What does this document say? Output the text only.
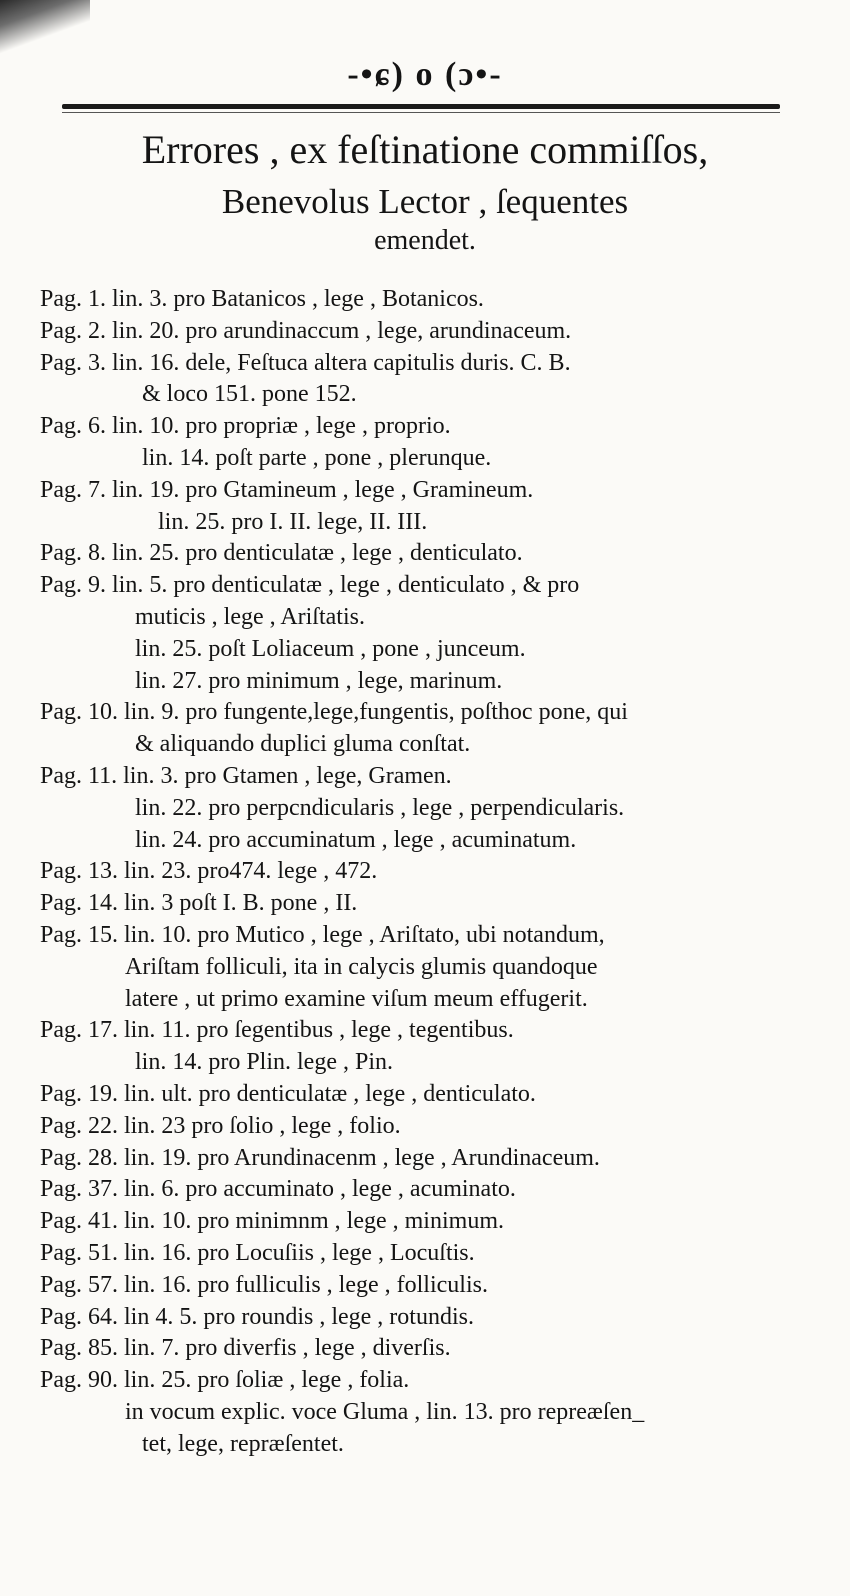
-•ɕ) o (ɔ•-
Errores , ex feſtinatione commiſſos,
Benevolus Lector , ſequentes
emendet.
Pag. 1. lin. 3. pro Batanicos , lege , Botanicos.
Pag. 2. lin. 20. pro arundinaccum , lege, arundinaceum.
Pag. 3. lin. 16. dele, Feſtuca altera capitulis duris. C. B.
& loco 151. pone 152.
Pag. 6. lin. 10. pro propriæ , lege , proprio.
lin. 14. poſt parte , pone , plerunque.
Pag. 7. lin. 19. pro Gtamineum , lege , Gramineum.
lin. 25. pro I. II. lege, II. III.
Pag. 8. lin. 25. pro denticulatæ , lege , denticulato.
Pag. 9. lin. 5. pro denticulatæ , lege , denticulato , & pro
muticis , lege , Ariſtatis.
lin. 25. poſt Loliaceum , pone , junceum.
lin. 27. pro minimum , lege, marinum.
Pag. 10. lin. 9. pro fungente,lege,fungentis, poſthoc pone, qui
& aliquando duplici gluma conſtat.
Pag. 11. lin. 3. pro Gtamen , lege, Gramen.
lin. 22. pro perpcndicularis , lege , perpendicularis.
lin. 24. pro accuminatum , lege , acuminatum.
Pag. 13. lin. 23. pro474. lege , 472.
Pag. 14. lin. 3 poſt I. B. pone , II.
Pag. 15. lin. 10. pro Mutico , lege , Ariſtato, ubi notandum,
Ariſtam folliculi, ita in calycis glumis quandoque
latere , ut primo examine viſum meum effugerit.
Pag. 17. lin. 11. pro ſegentibus , lege , tegentibus.
lin. 14. pro Plin. lege , Pin.
Pag. 19. lin. ult. pro denticulatæ , lege , denticulato.
Pag. 22. lin. 23 pro ſolio , lege , folio.
Pag. 28. lin. 19. pro Arundinacenm , lege , Arundinaceum.
Pag. 37. lin. 6. pro accuminato , lege , acuminato.
Pag. 41. lin. 10. pro minimnm , lege , minimum.
Pag. 51. lin. 16. pro Locuſiis , lege , Locuſtis.
Pag. 57. lin. 16. pro fulliculis , lege , folliculis.
Pag. 64. lin 4. 5. pro roundis , lege , rotundis.
Pag. 85. lin. 7. pro diverfis , lege , diverſis.
Pag. 90. lin. 25. pro ſoliæ , lege , folia.
in vocum explic. voce Gluma , lin. 13. pro repreæſen_
tet, lege, repræſentet.
